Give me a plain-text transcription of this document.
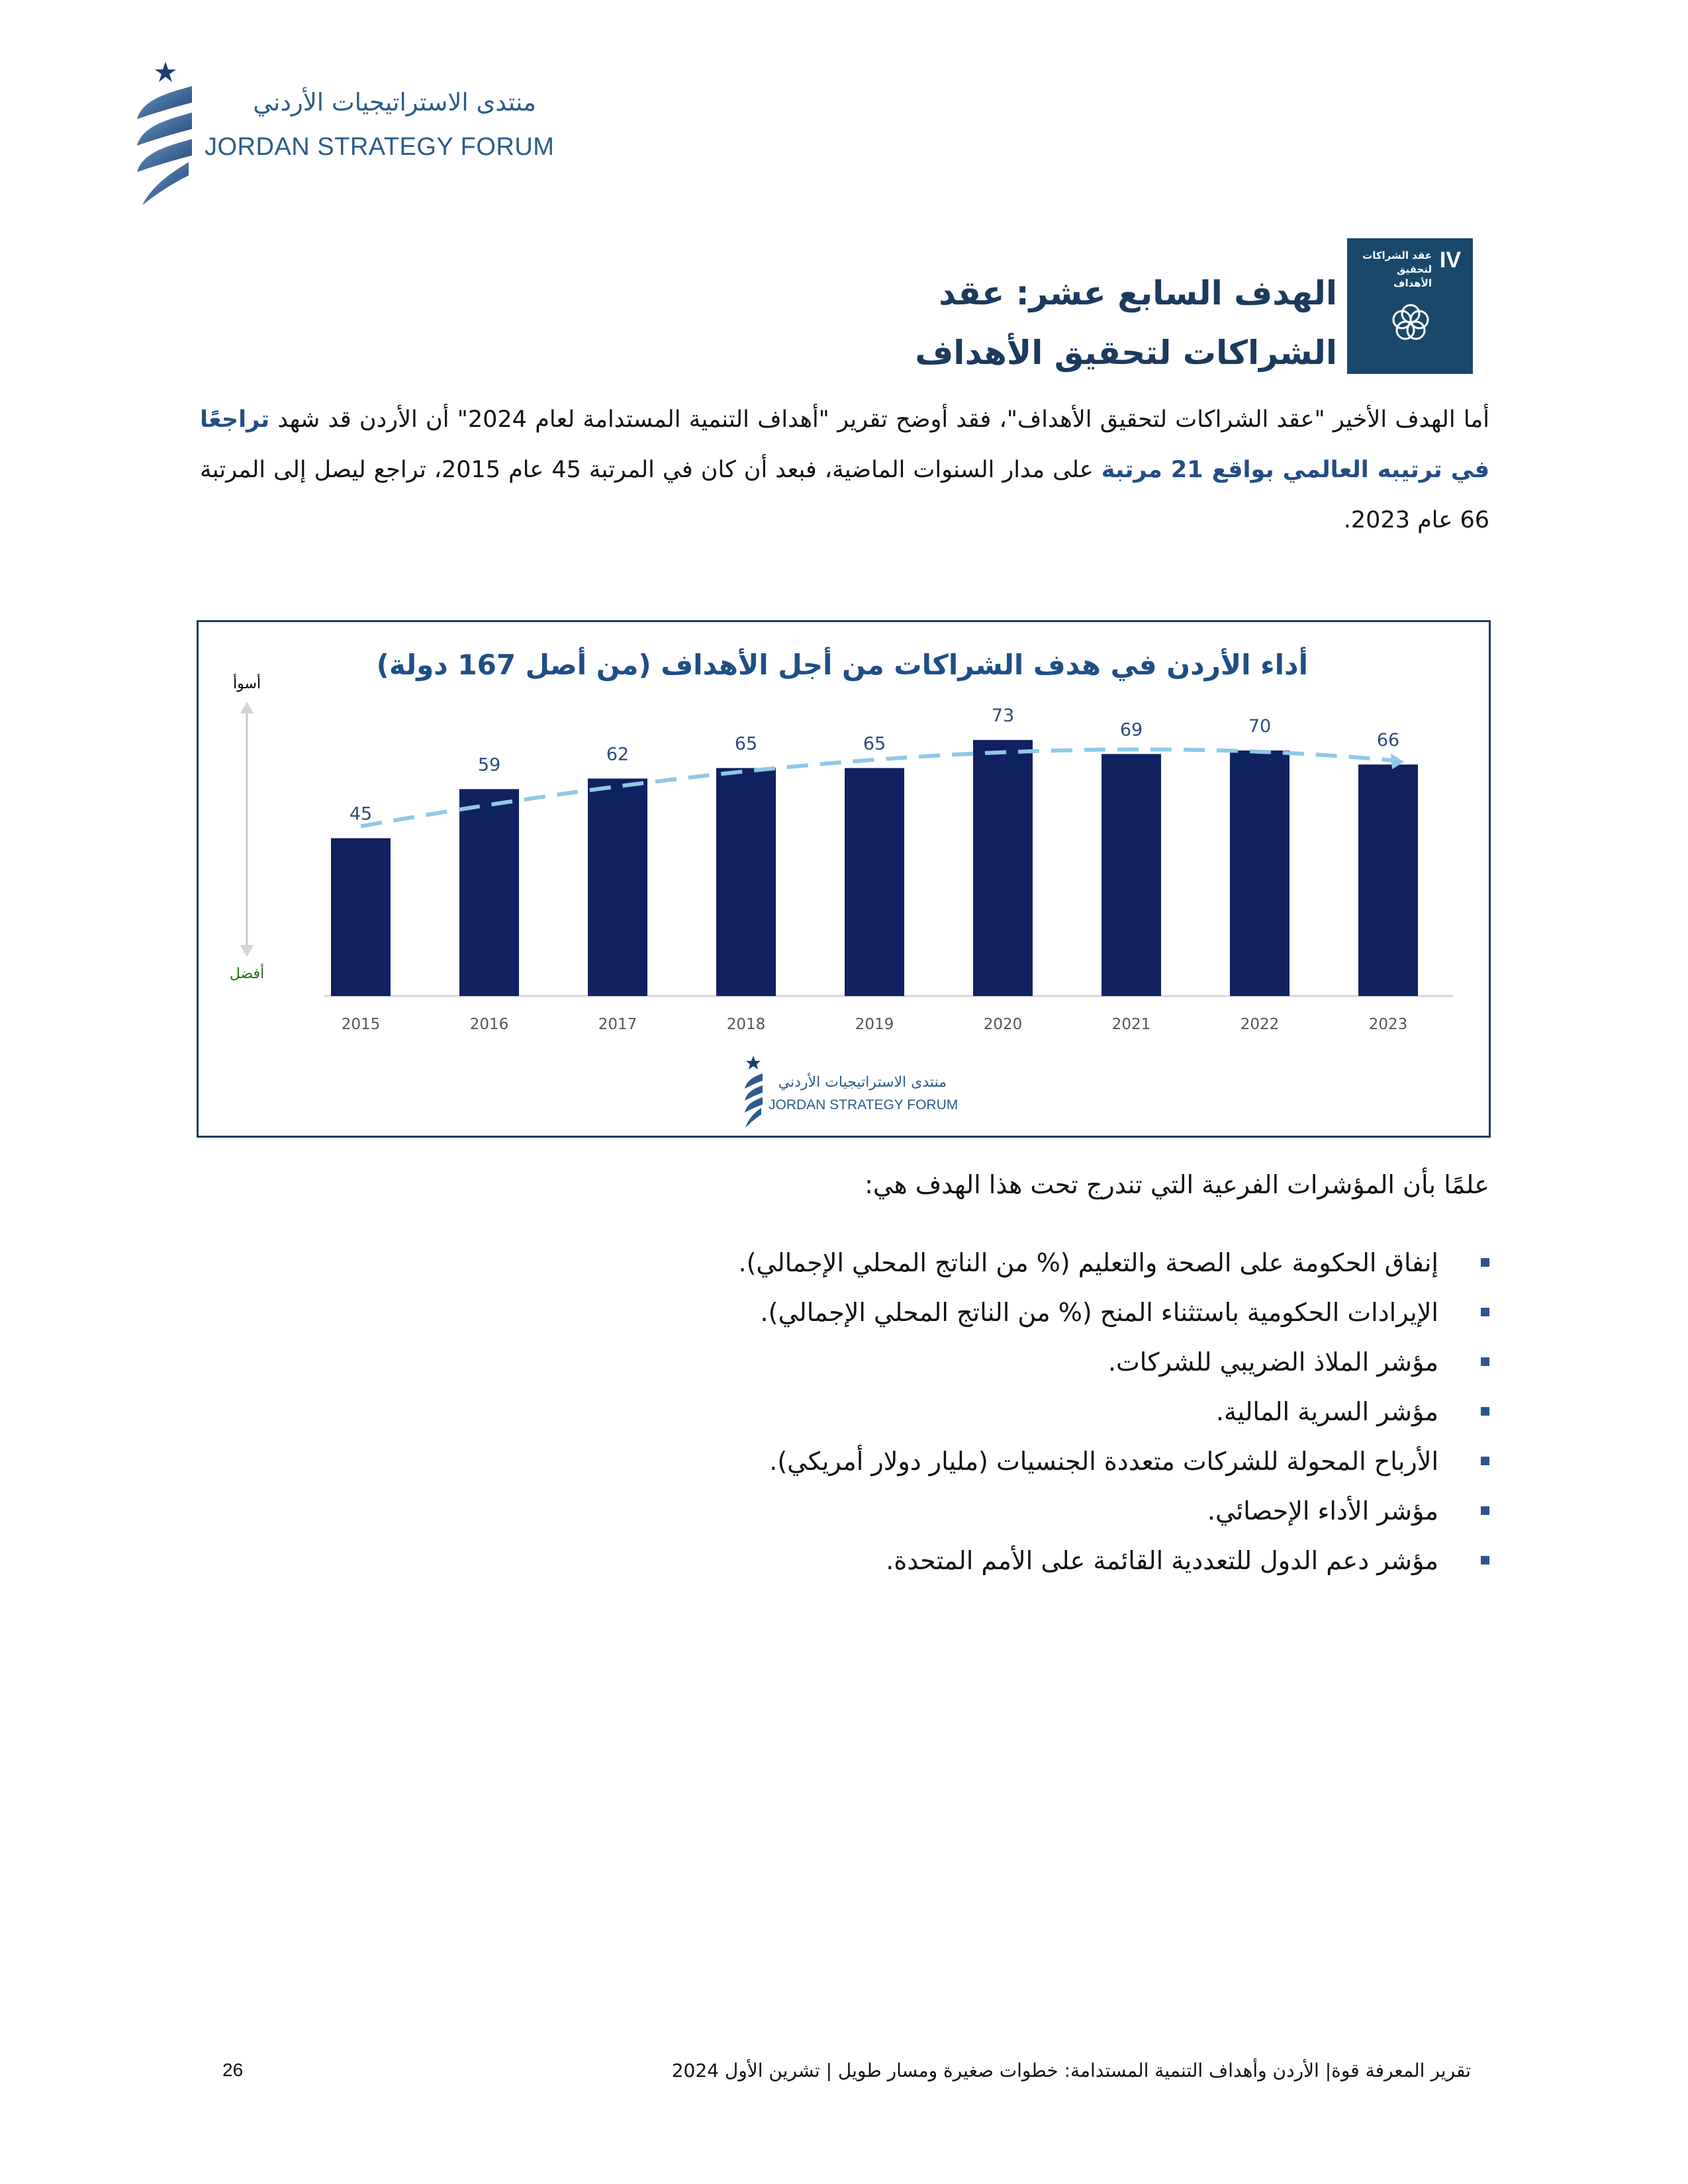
منتدى الاستراتيجيات الأردني
JORDAN STRATEGY FORUM
IV
عقد الشراكات لتحقيق الأهداف
الهدف السابع عشر: عقد
الشراكات لتحقيق الأهداف
أما الهدف الأخير "عقد الشراكات لتحقيق الأهداف"، فقد أوضح تقرير "أهداف التنمية المستدامة لعام 2024" أن الأردن قد شهد تراجعًا في ترتيبه العالمي بواقع 21 مرتبة على مدار السنوات الماضية، فبعد أن كان في المرتبة 45 عام 2015، تراجع ليصل إلى المرتبة 66 عام 2023.
أداء الأردن في هدف الشراكات من أجل الأهداف (من أصل 167 دولة)
أسوأ
أفضل
45
59
62
65	65
73
69	70
66
2015	2016	2017	2018	2019	2020	2021	2022	2023
منتدى الاستراتيجيات الأردني
JORDAN STRATEGY FORUM
علمًا بأن المؤشرات الفرعية التي تندرج تحت هذا الهدف هي:
إنفاق الحكومة على الصحة والتعليم (% من الناتج المحلي الإجمالي).
الإيرادات الحكومية باستثناء المنح (% من الناتج المحلي الإجمالي).
مؤشر الملاذ الضريبي للشركات.
مؤشر السرية المالية.
الأرباح المحولة للشركات متعددة الجنسيات (مليار دولار أمريكي).
مؤشر الأداء الإحصائي.
مؤشر دعم الدول للتعددية القائمة على الأمم المتحدة.
تقرير المعرفة قوة| الأردن وأهداف التنمية المستدامة: خطوات صغيرة ومسار طويل | تشرين الأول 2024
26
